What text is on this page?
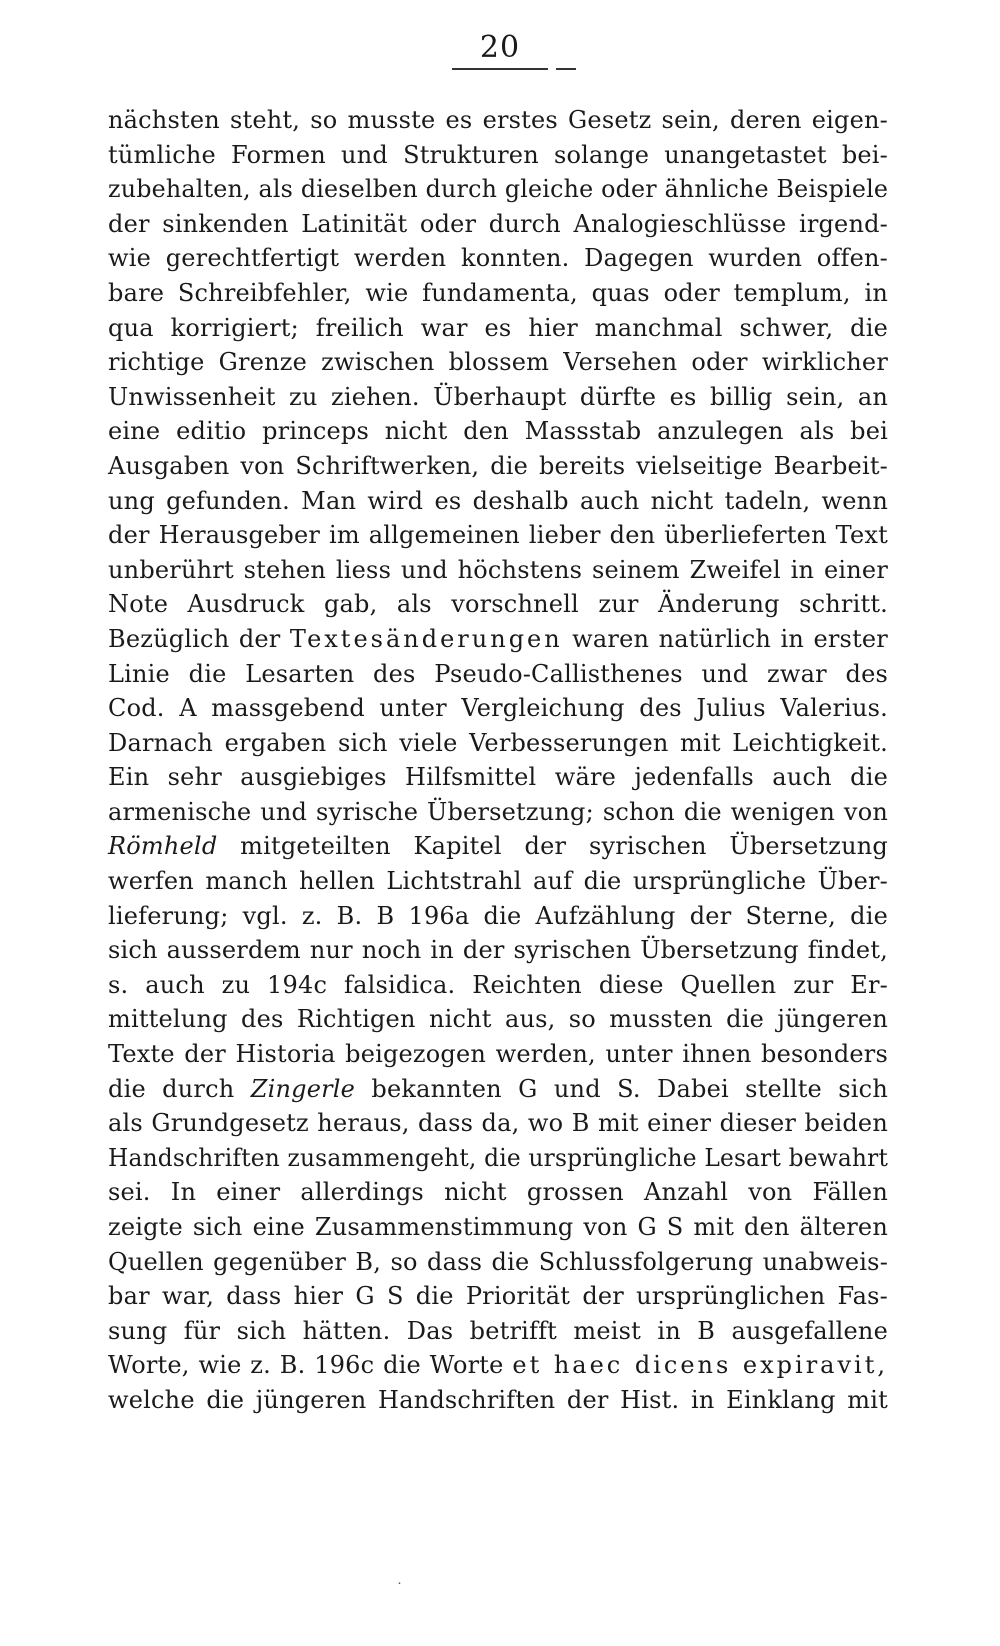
20
nächsten steht, so musste es erstes Gesetz sein, deren eigen-
tümliche Formen und Strukturen solange unangetastet bei-
zubehalten, als dieselben durch gleiche oder ähnliche Beispiele
der sinkenden Latinität oder durch Analogieschlüsse irgend-
wie gerechtfertigt werden konnten. Dagegen wurden offen-
bare Schreibfehler, wie fundamenta, quas oder templum, in
qua korrigiert; freilich war es hier manchmal schwer, die
richtige Grenze zwischen blossem Versehen oder wirklicher
Unwissenheit zu ziehen. Überhaupt dürfte es billig sein, an
eine editio princeps nicht den Massstab anzulegen als bei
Ausgaben von Schriftwerken, die bereits vielseitige Bearbeit-
ung gefunden. Man wird es deshalb auch nicht tadeln, wenn
der Herausgeber im allgemeinen lieber den überlieferten Text
unberührt stehen liess und höchstens seinem Zweifel in einer
Note Ausdruck gab, als vorschnell zur Änderung schritt.
Bezüglich der Textesänderungen waren natürlich in erster
Linie die Lesarten des Pseudo-Callisthenes und zwar des
Cod. A massgebend unter Vergleichung des Julius Valerius.
Darnach ergaben sich viele Verbesserungen mit Leichtigkeit.
Ein sehr ausgiebiges Hilfsmittel wäre jedenfalls auch die
armenische und syrische Übersetzung; schon die wenigen von
Römheld mitgeteilten Kapitel der syrischen Übersetzung
werfen manch hellen Lichtstrahl auf die ursprüngliche Über-
lieferung; vgl. z. B. B 196a die Aufzählung der Sterne, die
sich ausserdem nur noch in der syrischen Übersetzung findet,
s. auch zu 194c falsidica. Reichten diese Quellen zur Er-
mittelung des Richtigen nicht aus, so mussten die jüngeren
Texte der Historia beigezogen werden, unter ihnen besonders
die durch Zingerle bekannten G und S. Dabei stellte sich
als Grundgesetz heraus, dass da, wo B mit einer dieser beiden
Handschriften zusammengeht, die ursprüngliche Lesart bewahrt
sei. In einer allerdings nicht grossen Anzahl von Fällen
zeigte sich eine Zusammenstimmung von G S mit den älteren
Quellen gegenüber B, so dass die Schlussfolgerung unabweis-
bar war, dass hier G S die Priorität der ursprünglichen Fas-
sung für sich hätten. Das betrifft meist in B ausgefallene
Worte, wie z. B. 196c die Worte et haec dicens expiravit,
welche die jüngeren Handschriften der Hist. in Einklang mit
˙
